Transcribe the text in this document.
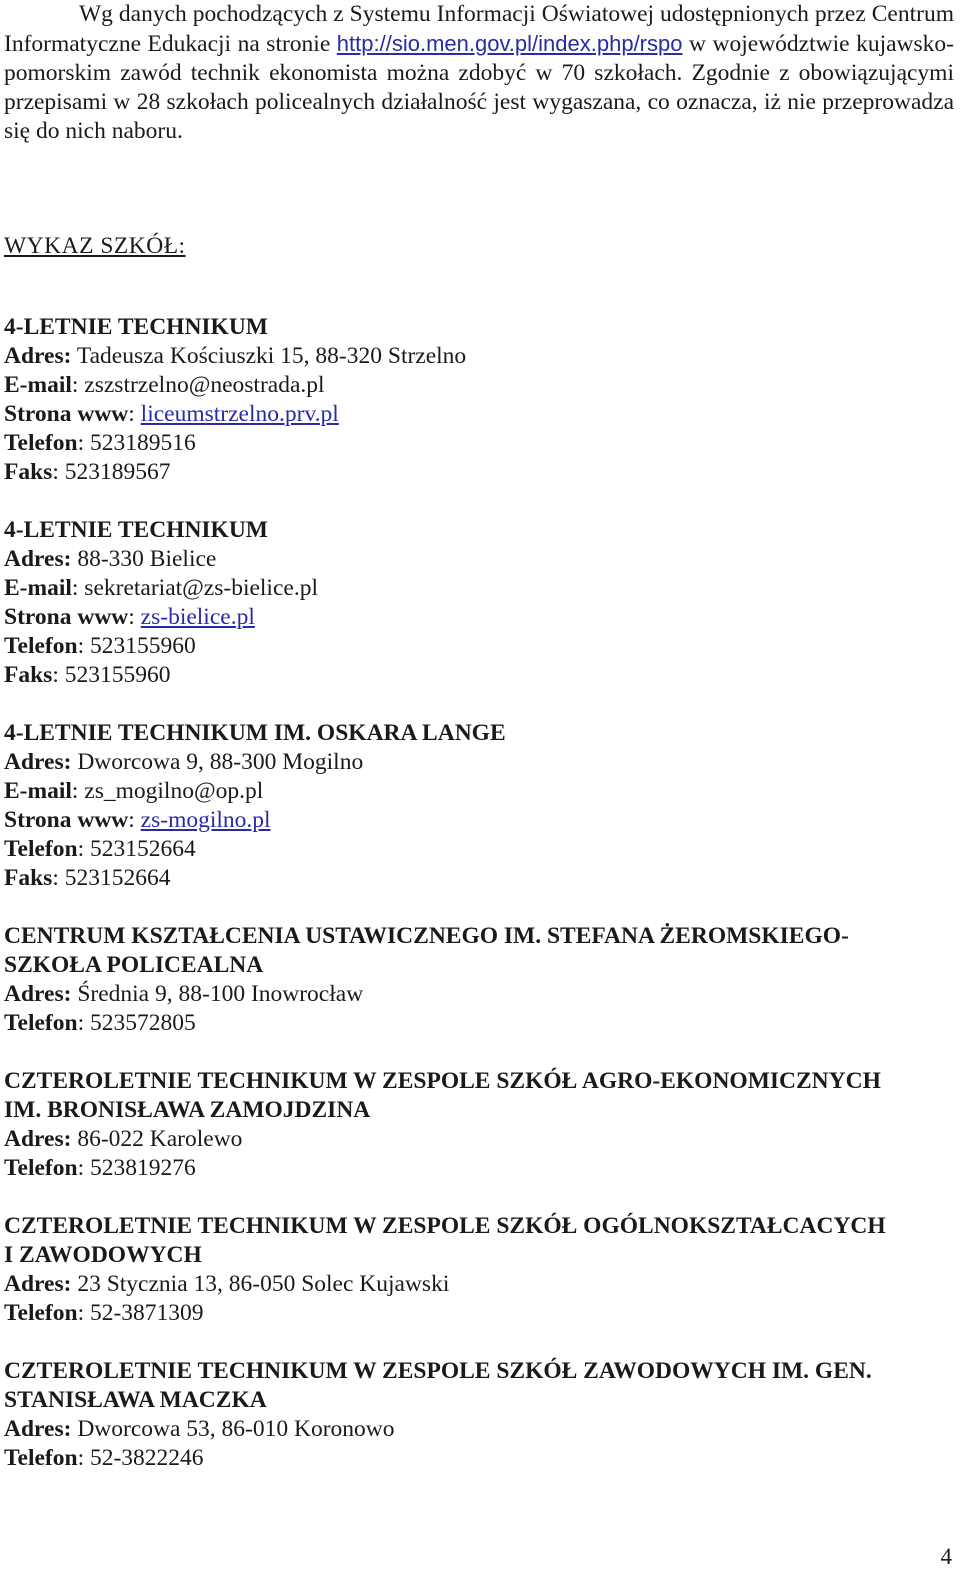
Wg danych pochodzących z Systemu Informacji Oświatowej udostępnionych przez Centrum Informatyczne Edukacji na stronie http://sio.men.gov.pl/index.php/rspo w województwie kujawsko-pomorskim zawód technik ekonomista można zdobyć w 70 szkołach. Zgodnie z obowiązującymi przepisami w 28 szkołach policealnych działalność jest wygaszana, co oznacza, iż nie przeprowadza się do nich naboru.

WYKAZ SZKÓŁ:
4-LETNIE TECHNIKUM
Adres: Tadeusza Kościuszki 15, 88-320 Strzelno
E-mail: zszstrzelno@neostrada.pl
Strona www: liceumstrzelno.prv.pl
Telefon: 523189516
Faks: 523189567
4-LETNIE TECHNIKUM
Adres: 88-330 Bielice
E-mail: sekretariat@zs-bielice.pl
Strona www: zs-bielice.pl
Telefon: 523155960
Faks: 523155960
4-LETNIE TECHNIKUM IM. OSKARA LANGE
Adres: Dworcowa 9, 88-300 Mogilno
E-mail: zs_mogilno@op.pl
Strona www: zs-mogilno.pl
Telefon: 523152664
Faks: 523152664
CENTRUM KSZTAŁCENIA USTAWICZNEGO IM. STEFANA ŻEROMSKIEGO-
SZKOŁA POLICEALNA
Adres: Średnia 9, 88-100 Inowrocław
Telefon: 523572805
CZTEROLETNIE TECHNIKUM W ZESPOLE SZKÓŁ AGRO-EKONOMICZNYCH
IM. BRONISŁAWA ZAMOJDZINA
Adres: 86-022 Karolewo
Telefon: 523819276
CZTEROLETNIE TECHNIKUM W ZESPOLE SZKÓŁ OGÓLNOKSZTAŁCACYCH
I ZAWODOWYCH
Adres: 23 Stycznia 13, 86-050 Solec Kujawski
Telefon: 52-3871309
CZTEROLETNIE TECHNIKUM W ZESPOLE SZKÓŁ ZAWODOWYCH IM. GEN.
STANISŁAWA MACZKA
Adres: Dworcowa 53, 86-010 Koronowo
Telefon: 52-3822246
4
